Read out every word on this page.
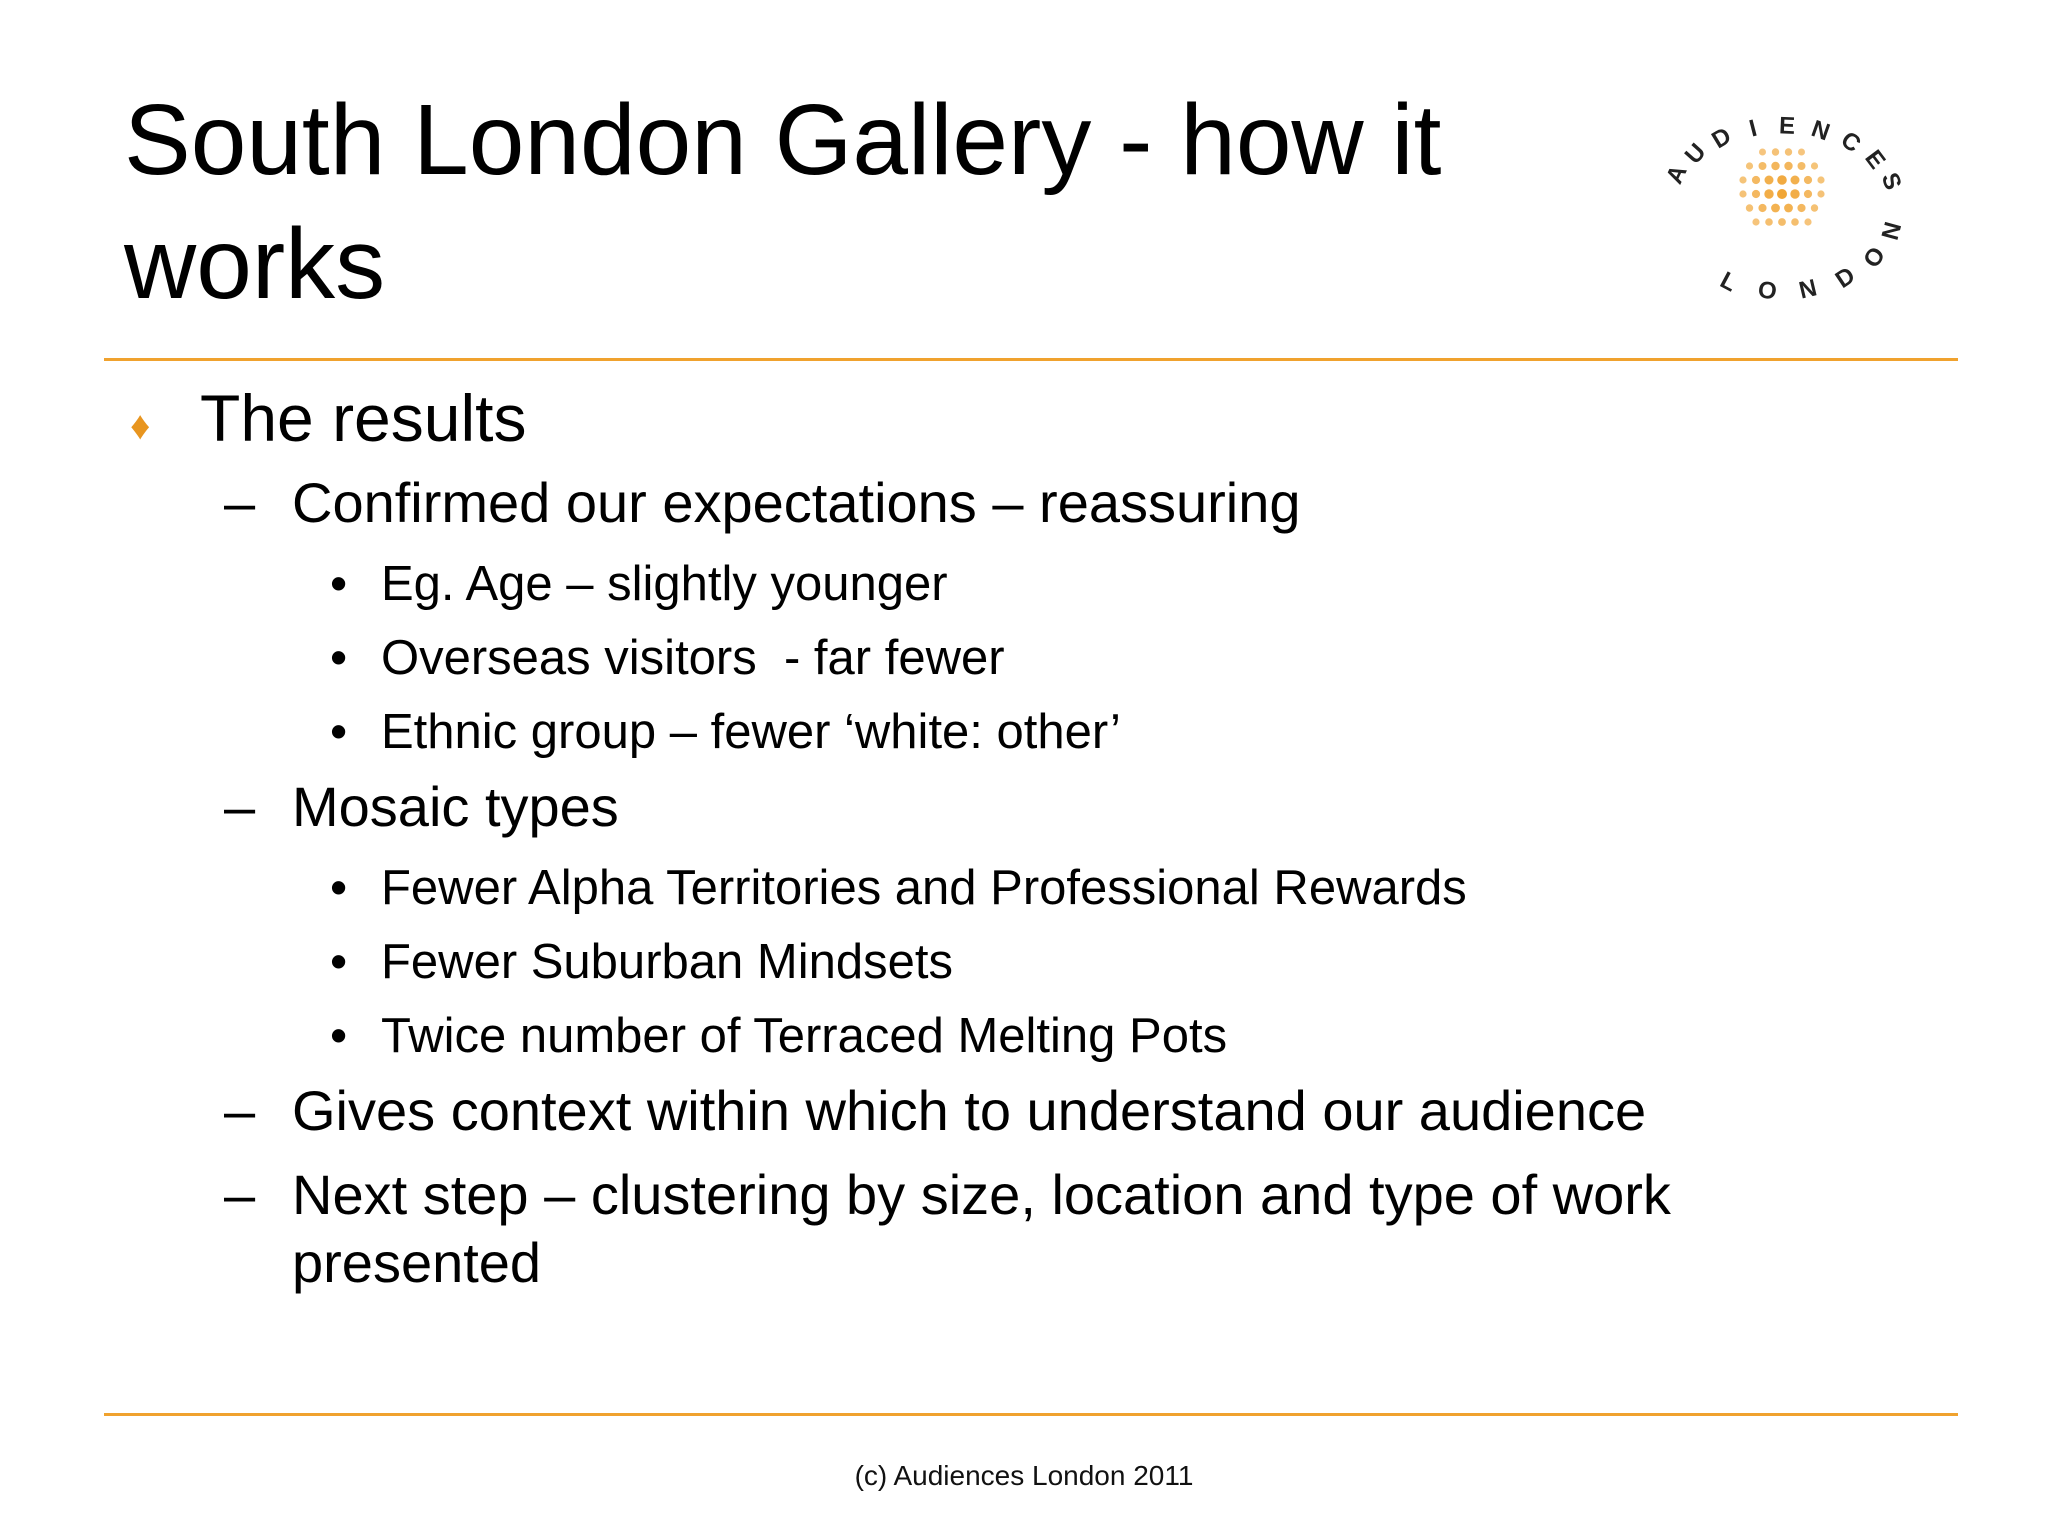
South London Gallery - how it
works
A
U
D I E N C
E
S
L O N D
O
N
♦ The results
– Confirmed our expectations – reassuring
• Eg. Age – slightly younger
• Overseas visitors  - far fewer
• Ethnic group – fewer ‘white: other’
– Mosaic types
• Fewer Alpha Territories and Professional Rewards
• Fewer Suburban Mindsets
• Twice number of Terraced Melting Pots
– Gives context within which to understand our audience
– Next step – clustering by size, location and type of work
presented
(c) Audiences London 2011
